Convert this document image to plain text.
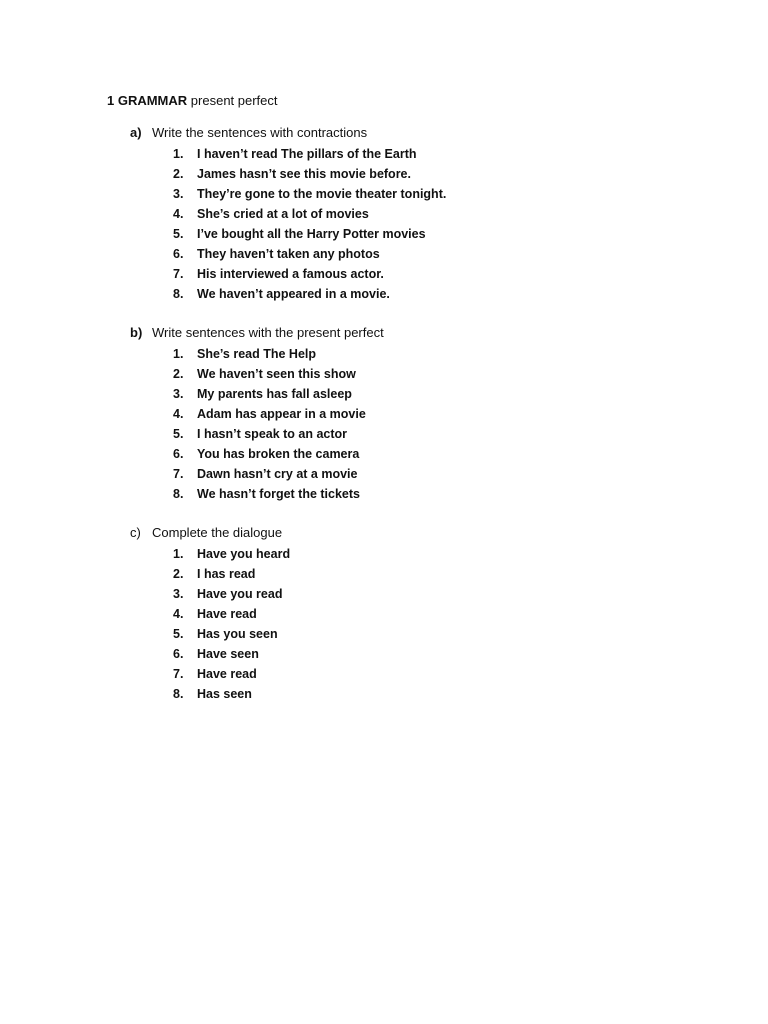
1 GRAMMAR present perfect
a) Write the sentences with contractions
1.	I haven’t read The pillars of the Earth
2.	James hasn’t see this movie before.
3.	They’re gone to the movie theater tonight.
4.	She’s cried at a lot of movies
5.	I’ve bought all the Harry Potter movies
6.	They haven’t taken any photos
7.	His interviewed a famous actor.
8.	We haven’t appeared in a movie.
b) Write sentences with the present perfect
1.	She’s read The Help
2.	We haven’t seen this show
3.	My parents has fall asleep
4.	Adam has appear in a movie
5.	I hasn’t speak to an actor
6.	You has broken the camera
7.	Dawn hasn’t cry at a movie
8.	We hasn’t forget the tickets
c) Complete the dialogue
1.	Have you heard
2.	I has read
3.	Have you read
4.	Have read
5.	Has you seen
6.	Have seen
7.	Have read
8.	Has seen
